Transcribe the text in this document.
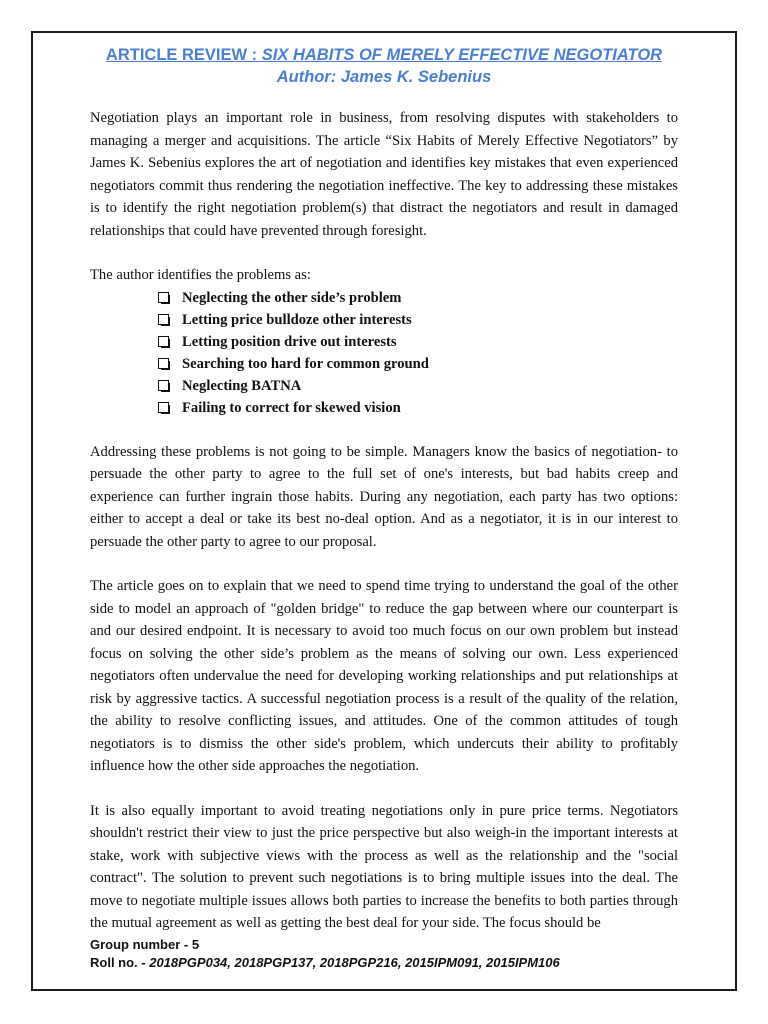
ARTICLE REVIEW : SIX HABITS OF MERELY EFFECTIVE NEGOTIATOR

Author: James K. Sebenius

Negotiation plays an important role in business, from resolving disputes with stakeholders to managing a merger and acquisitions. The article “Six Habits of Merely Effective Negotiators” by James K. Sebenius explores the art of negotiation and identifies key mistakes that even experienced negotiators commit thus rendering the negotiation ineffective. The key to addressing these mistakes is to identify the right negotiation problem(s) that distract the negotiators and result in damaged relationships that could have prevented through foresight.

The author identifies the problems as:

Neglecting the other side’s problem
Letting price bulldoze other interests
Letting position drive out interests
Searching too hard for common ground
Neglecting BATNA
Failing to correct for skewed vision

Addressing these problems is not going to be simple. Managers know the basics of negotiation- to persuade the other party to agree to the full set of one's interests, but bad habits creep and experience can further ingrain those habits. During any negotiation, each party has two options: either to accept a deal or take its best no-deal option. And as a negotiator, it is in our interest to persuade the other party to agree to our proposal.

The article goes on to explain that we need to spend time trying to understand the goal of the other side to model an approach of "golden bridge" to reduce the gap between where our counterpart is and our desired endpoint. It is necessary to avoid too much focus on our own problem but instead focus on solving the other side’s problem as the means of solving our own. Less experienced negotiators often undervalue the need for developing working relationships and put relationships at risk by aggressive tactics. A successful negotiation process is a result of the quality of the relation, the ability to resolve conflicting issues, and attitudes. One of the common attitudes of tough negotiators is to dismiss the other side's problem, which undercuts their ability to profitably influence how the other side approaches the negotiation.

It is also equally important to avoid treating negotiations only in pure price terms. Negotiators shouldn't restrict their view to just the price perspective but also weigh-in the important interests at stake, work with subjective views with the process as well as the relationship and the "social contract". The solution to prevent such negotiations is to bring multiple issues into the deal. The move to negotiate multiple issues allows both parties to increase the benefits to both parties through the mutual agreement as well as getting the best deal for your side. The focus should be

Group number - 5
Roll no. - 2018PGP034, 2018PGP137, 2018PGP216, 2015IPM091, 2015IPM106
